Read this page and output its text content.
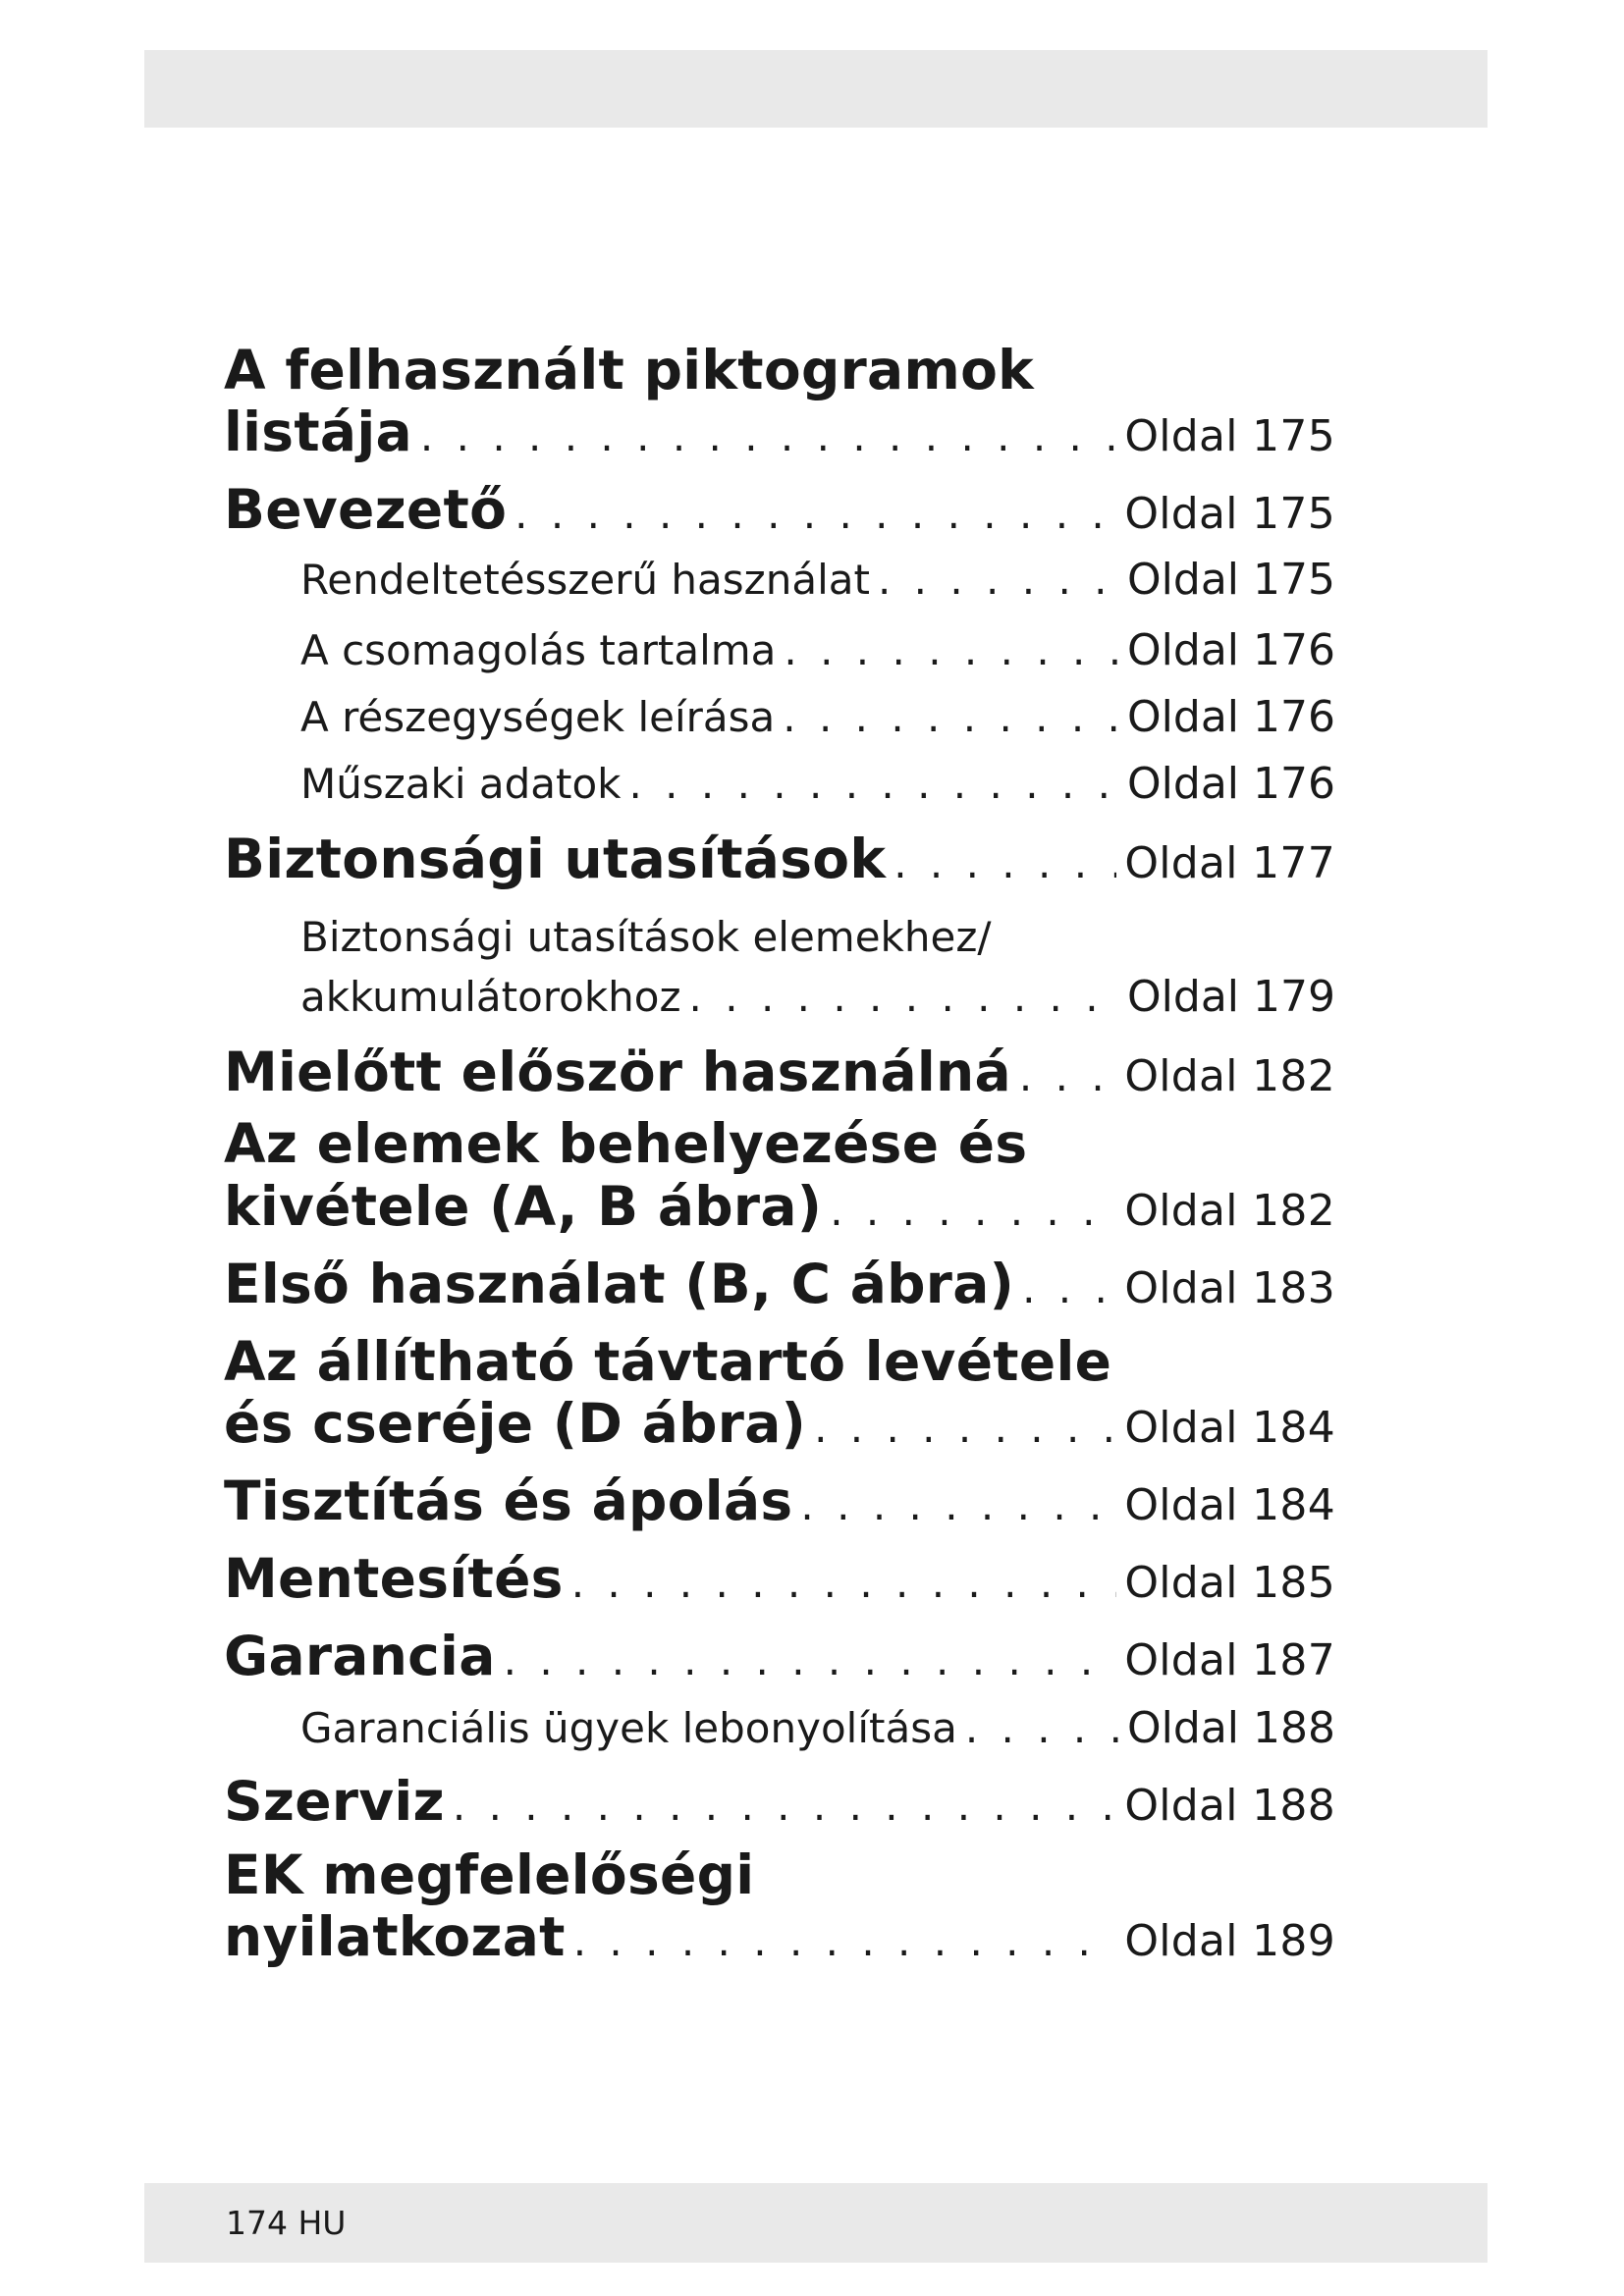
A felhasznált piktogramok
listája . . .	Oldal 175
Bevezető . . .	Oldal 175
Rendeltetésszerű használat . . .	Oldal 175
A csomagolás tartalma . . .	Oldal 176
A részegységek leírása . . .	Oldal 176
Műszaki adatok . . .	Oldal 176
Biztonsági utasítások . . .	Oldal 177
Biztonsági utasítások elemekhez/
akkumulátorokhoz . . .	Oldal 179
Mielőtt először használná . . .	Oldal 182
Az elemek behelyezése és
kivétele (A, B ábra) . . .	Oldal 182
Első használat (B, C ábra) . . .	Oldal 183
Az állítható távtartó levétele
és cseréje (D ábra) . . .	Oldal 184
Tisztítás és ápolás . . .	Oldal 184
Mentesítés . . .	Oldal 185
Garancia . . .	Oldal 187
Garanciális ügyek lebonyolítása . . .	Oldal 188
Szerviz . . .	Oldal 188
EK megfelelőségi
nyilatkozat . . .	Oldal 189
174 HU
